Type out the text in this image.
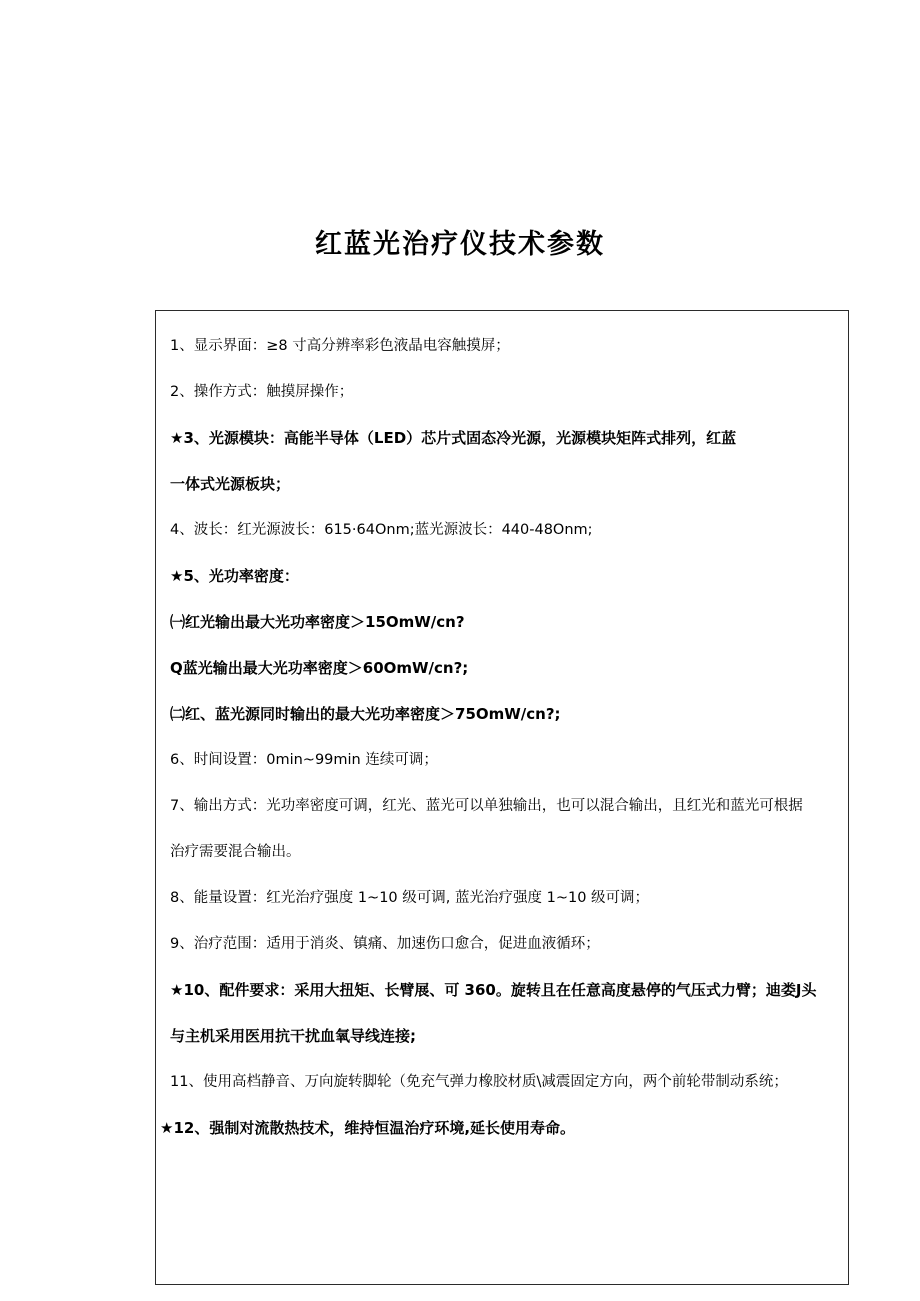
红蓝光治疗仪技术参数
1、显示界面：≥8 寸高分辨率彩色液晶电容触摸屏；
2、操作方式：触摸屏操作；
★3、光源模块：高能半导体（LED）芯片式固态冷光源，光源模块矩阵式排列，红蓝
一体式光源板块；
4、波长：红光源波长：615·64Onm;蓝光源波长：440-48Onm;
★5、光功率密度：
㈠红光输出最大光功率密度＞15OmW/cn?
Q蓝光输出最大光功率密度＞60OmW/cn?;
㈡红、蓝光源同时输出的最大光功率密度＞75OmW/cn?;
6、时间设置：0min~99min 连续可调；
7、输出方式：光功率密度可调，红光、蓝光可以单独输出，也可以混合输出，且红光和蓝光可根据
治疗需要混合输出。
8、能量设置：红光治疗强度 1~10 级可调, 蓝光治疗强度 1~10 级可调；
9、治疗范围：适用于消炎、镇痛、加速伤口愈合，促进血液循环；
★10、配件要求：采用大扭矩、长臂展、可 360。旋转且在任意高度悬停的气压式力臂；迪娄J头
与主机采用医用抗干扰血氧导线连接;
11、使用高档静音、万向旋转脚轮（免充气弹力橡胶材质\减震固定方向，两个前轮带制动系统；
★12、强制对流散热技术，维持恒温治疗环境,延长使用寿命。
